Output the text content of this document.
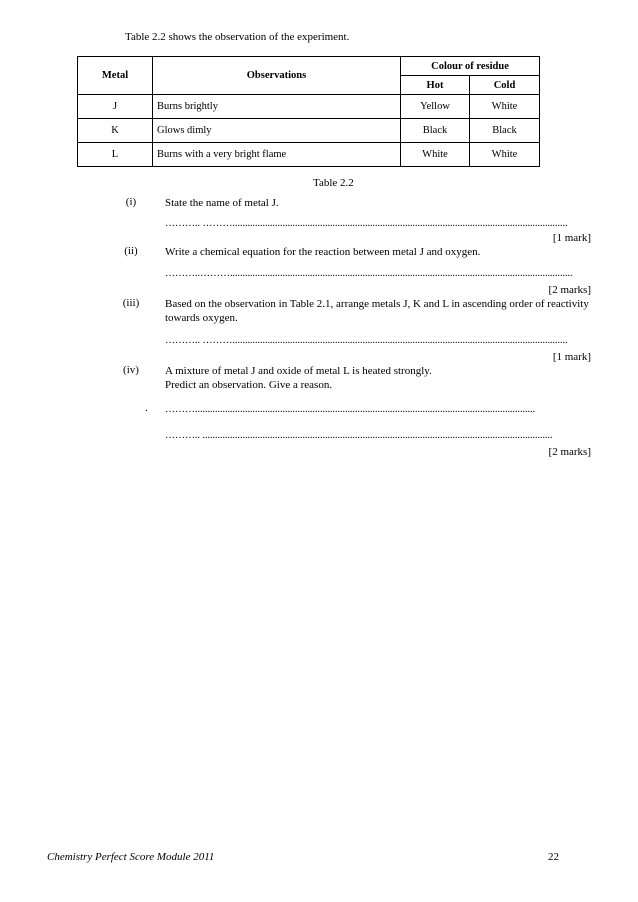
Table 2.2 shows the observation of the experiment.
Metal	Observations	Colour of residue	
		Hot	Cold
J	Burns brightly	Yellow	White
K	Glows dimly	Black	Black
L	Burns with a very bright flame	White	White
Table 2.2
(i)	State the name of metal J.
……….. ………......................................................................................................................................
[1 mark]
(ii)	Write a chemical equation for the reaction between metal J and oxygen.
………..……….........................................................................................................................................
[2 marks]
(iii)	Based on the observation in Table 2.1, arrange metals J, K and L in ascending order of reactivity towards oxygen.
……….. ………......................................................................................................................................
[1 mark]
(iv)	A mixture of metal J and oxide of metal L is heated strongly.
Predict an observation. Give a reason.
. ………........................................................................................................................................
……….. ............................................................................................................................................
[2 marks]
Chemistry Perfect Score Module 2011	22
